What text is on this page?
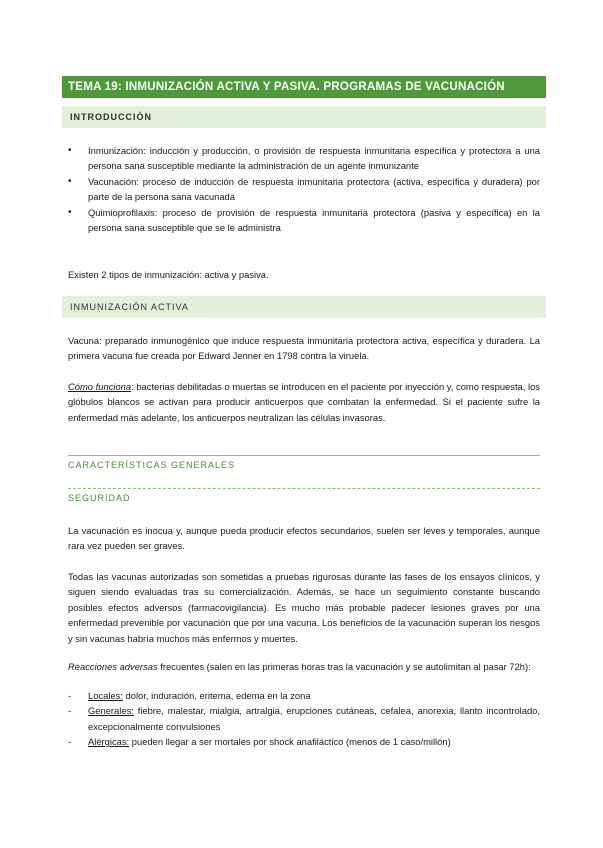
TEMA 19: INMUNIZACIÓN ACTIVA Y PASIVA. PROGRAMAS DE VACUNACIÓN
INTRODUCCIÓN
• Inmunización: inducción y producción, o provisión de respuesta inmunitaria específica y protectora a una persona sana susceptible mediante la administración de un agente inmunizante
• Vacunación: proceso de inducción de respuesta inmunitaria protectora (activa, específica y duradera) por parte de la persona sana vacunada
• Quimioprofilaxis: proceso de provisión de respuesta inmunitaria protectora (pasiva y específica) en la persona sana susceptible que se le administra
Existen 2 tipos de inmunización: activa y pasiva.
INMUNIZACIÓN ACTIVA
Vacuna: preparado inmunogénico que induce respuesta inmunitaria protectora activa, específica y duradera. La primera vacuna fue creada por Edward Jenner en 1798 contra la viruela.
Cómo funciona: bacterias debilitadas o muertas se introducen en el paciente por inyección y, como respuesta, los glóbulos blancos se activan para producir anticuerpos que combatan la enfermedad. Si el paciente sufre la enfermedad más adelante, los anticuerpos neutralizan las células invasoras.
CARACTERÍSTICAS GENERALES
SEGURIDAD
La vacunación es inocua y, aunque pueda producir efectos secundarios, suelen ser leves y temporales, aunque rara vez pueden ser graves.
Todas las vacunas autorizadas son sometidas a pruebas rigurosas durante las fases de los ensayos clínicos, y siguen siendo evaluadas tras su comercialización. Además, se hace un seguimiento constante buscando posibles efectos adversos (farmacovigilancia). Es mucho más probable padecer lesiones graves por una enfermedad prevenible por vacunación que por una vacuna. Los beneficios de la vacunación superan los riesgos y sin vacunas habría muchos más enfermos y muertes.
Reacciones adversas frecuentes (salen en las primeras horas tras la vacunación y se autolimitan al pasar 72h):
- Locales: dolor, induración, eritema, edema en la zona
- Generales: fiebre, malestar, mialgia, artralgia, erupciones cutáneas, cefalea, anorexia, llanto incontrolado, excepcionalmente convulsiones
- Alérgicas: pueden llegar a ser mortales por shock anafiláctico (menos de 1 caso/millón)
